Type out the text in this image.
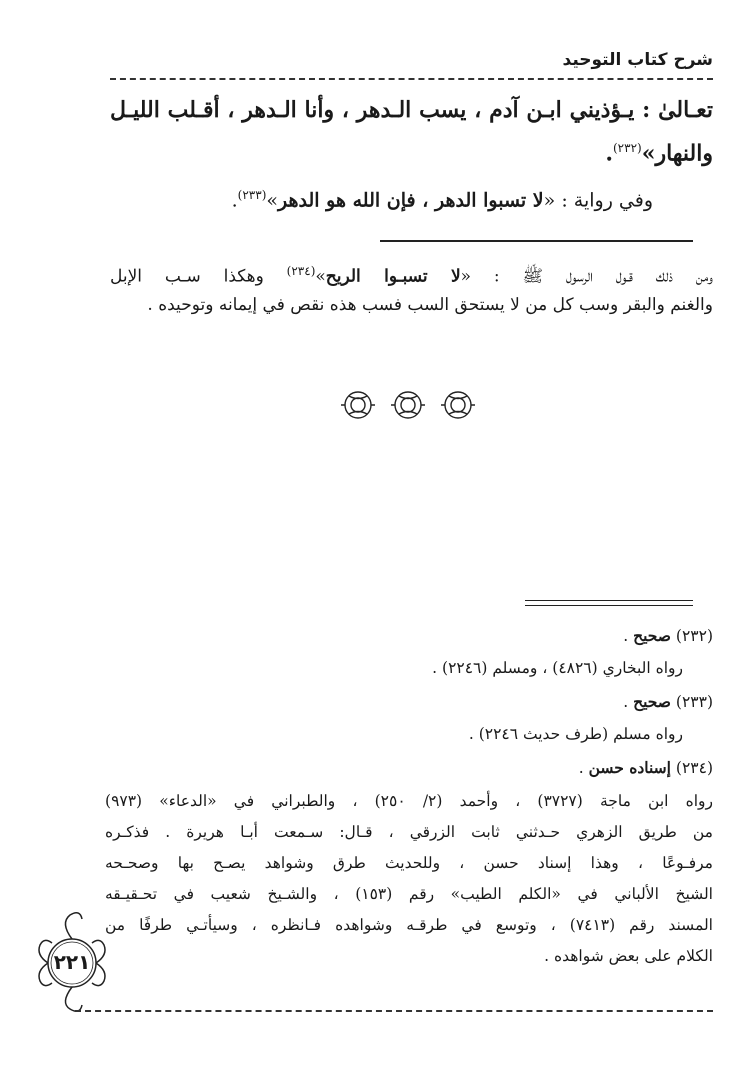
شرح كتاب التوحيد
تعـالىٰ : يـؤذيني ابـن آدم ، يسب الـدهر ، وأنا الـدهر ، أقـلب الليـل
والنهار»$^{(٢٣٢)}$.
وفي رواية : «لا تسبوا الدهر ، فإن الله هو الدهر»$^{(٢٣٣)}$.
ومن ذلك قـول الرسول ﷺ : «لا تسبـوا الريح»$^{(٢٣٤)}$ وهكذا سـب الإبل
والغنم والبقر وسب كل من لا يستحق السب فسب هذه نقص في إيمانه وتوحيده .
(٢٣٢) صحيح .
رواه البخاري (٤٨٢٦) ، ومسلم (٢٢٤٦) .
(٢٣٣) صحيح .
رواه مسلم (طرف حديث ٢٢٤٦) .
(٢٣٤) إسناده حسن .
رواه ابن ماجة (٣٧٢٧) ، وأحمد (٢/ ٢٥٠) ، والطبراني في «الدعاء» (٩٧٣)
من طريق الزهري حـدثني ثابت الزرقي ، قـال: سـمعت أبـا هريرة . فذكـره
مرفـوعًا ، وهذا إسناد حسن ، وللحديث طرق وشواهد يصـح بها وصحـحه
الشيخ الألباني في «الكلم الطيب» رقم (١٥٣) ، والشـيخ شعيب في تحـقيـقه
المسند رقم (٧٤١٣) ، وتوسع في طرقـه وشواهده فـانظره ، وسيأتـي طرفًا من
الكلام على بعض شواهده .
٢٢١
